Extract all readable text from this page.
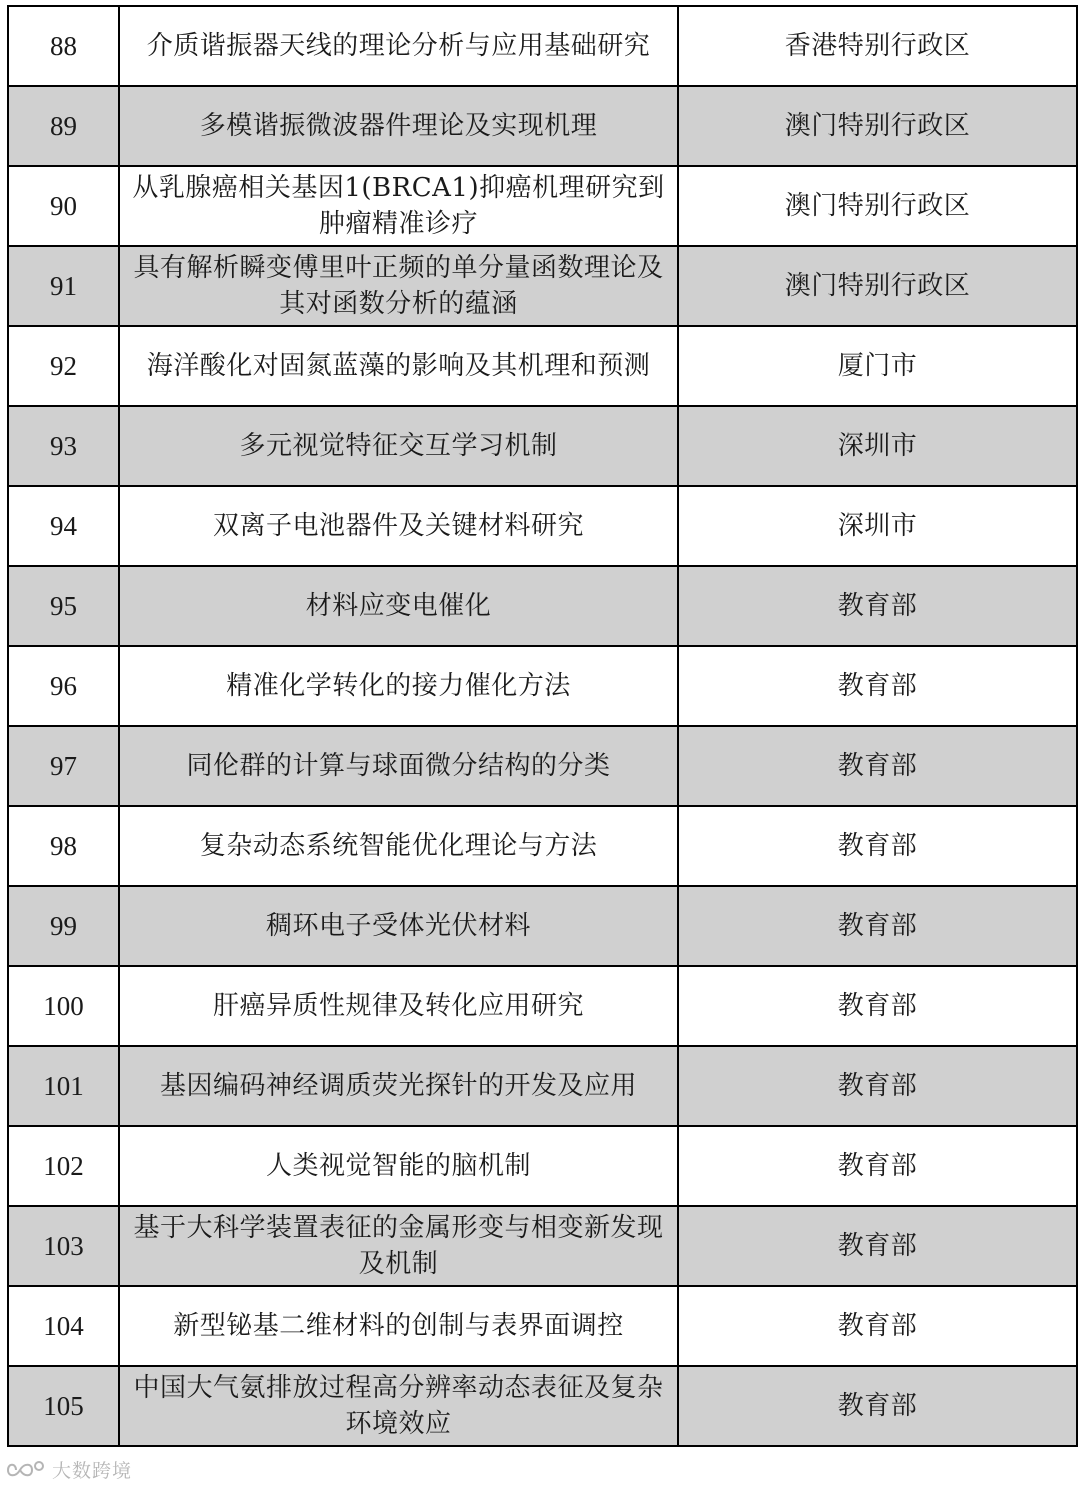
88	介质谐振器天线的理论分析与应用基础研究	香港特别行政区
89	多模谐振微波器件理论及实现机理	澳门特别行政区
90	从乳腺癌相关基因1(BRCA1)抑癌机理研究到肿瘤精准诊疗	澳门特别行政区
91	具有解析瞬变傅里叶正频的单分量函数理论及其对函数分析的蕴涵	澳门特别行政区
92	海洋酸化对固氮蓝藻的影响及其机理和预测	厦门市
93	多元视觉特征交互学习机制	深圳市
94	双离子电池器件及关键材料研究	深圳市
95	材料应变电催化	教育部
96	精准化学转化的接力催化方法	教育部
97	同伦群的计算与球面微分结构的分类	教育部
98	复杂动态系统智能优化理论与方法	教育部
99	稠环电子受体光伏材料	教育部
100	肝癌异质性规律及转化应用研究	教育部
101	基因编码神经调质荧光探针的开发及应用	教育部
102	人类视觉智能的脑机制	教育部
103	基于大科学装置表征的金属形变与相变新发现及机制	教育部
104	新型铋基二维材料的创制与表界面调控	教育部
105	中国大气氨排放过程高分辨率动态表征及复杂环境效应	教育部
大数跨境
